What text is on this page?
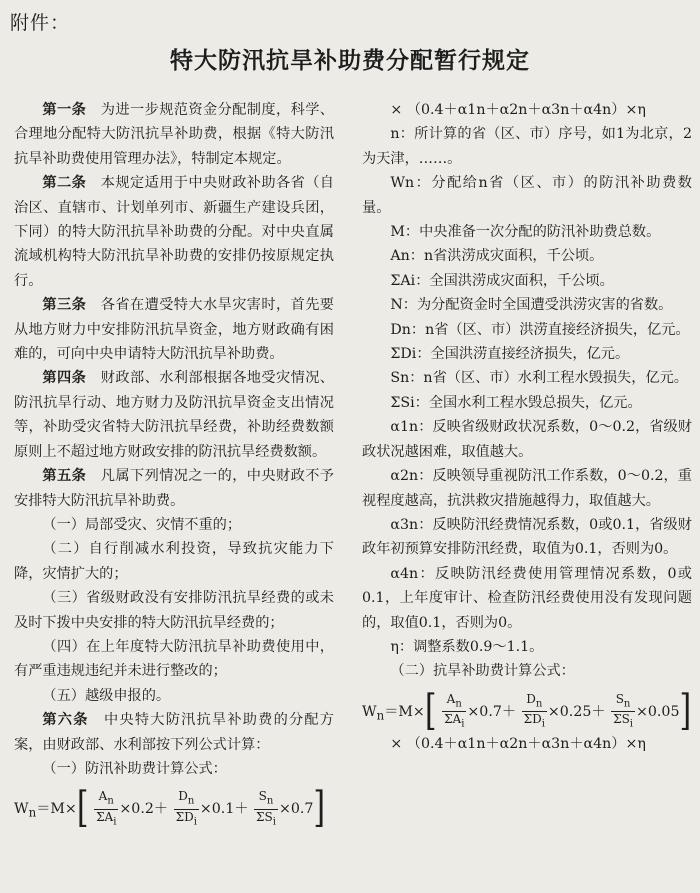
附件：
特大防汛抗旱补助费分配暂行规定

第一条　为进一步规范资金分配制度，科学、合理地分配特大防汛抗旱补助费，根据《特大防汛抗旱补助费使用管理办法》，特制定本规定。

第二条　本规定适用于中央财政补助各省（自治区、直辖市、计划单列市、新疆生产建设兵团，下同）的特大防汛抗旱补助费的分配。对中央直属流域机构特大防汛抗旱补助费的安排仍按原规定执行。

第三条　各省在遭受特大水旱灾害时，首先要从地方财力中安排防汛抗旱资金，地方财政确有困难的，可向中央申请特大防汛抗旱补助费。

第四条　财政部、水利部根据各地受灾情况、防汛抗旱行动、地方财力及防汛抗旱资金支出情况等，补助受灾省特大防汛抗旱经费，补助经费数额原则上不超过地方财政安排的防汛抗旱经费数额。

第五条　凡属下列情况之一的，中央财政不予安排特大防汛抗旱补助费。

（一）局部受灾、灾情不重的；

（二）自行削减水利投资，导致抗灾能力下降，灾情扩大的；

（三）省级财政没有安排防汛抗旱经费的或未及时下拨中央安排的特大防汛抗旱经费的；

（四）在上年度特大防汛抗旱补助费使用中，有严重违规违纪并未进行整改的；

（五）越级申报的。

第六条　中央特大防汛抗旱补助费的分配方案，由财政部、水利部按下列公式计算：

（一）防汛补助费计算公式：

$W_n=M\times[ \frac{A_n}{\Sigma A_i} \times 0.2+ \frac{D_n}{\Sigma D_i} \times 0.1+ \frac{S_n}{\Sigma S_i} \times 0.7]$

× （0.4＋α1n＋α2n＋α3n＋α4n）×η

n：所计算的省（区、市）序号，如1为北京，2为天津，……。

Wn：分配给n省（区、市）的防汛补助费数量。

M：中央准备一次分配的防汛补助费总数。

An：n省洪涝成灾面积，千公顷。

ΣAi：全国洪涝成灾面积，千公顷。

N：为分配资金时全国遭受洪涝灾害的省数。

Dn：n省（区、市）洪涝直接经济损失，亿元。

ΣDi：全国洪涝直接经济损失，亿元。

Sn：n省（区、市）水利工程水毁损失，亿元。

ΣSi：全国水利工程水毁总损失，亿元。

α1n：反映省级财政状况系数，0～0.2，省级财政状况越困难，取值越大。

α2n：反映领导重视防汛工作系数，0～0.2，重视程度越高，抗洪救灾措施越得力，取值越大。

α3n：反映防汛经费情况系数，0或0.1，省级财政年初预算安排防汛经费，取值为0.1，否则为0。

α4n：反映防汛经费使用管理情况系数，0或0.1，上年度审计、检查防汛经费使用没有发现问题的，取值0.1，否则为0。

η：调整系数0.9～1.1。

（二）抗旱补助费计算公式：

$W_n=M\times[ \frac{A_n}{\Sigma A_i} \times 0.7+ \frac{D_n}{\Sigma D_i} \times 0.25+ \frac{S_n}{\Sigma S_i} \times 0.05]$
× （0.4＋α1n＋α2n＋α3n＋α4n）×η
